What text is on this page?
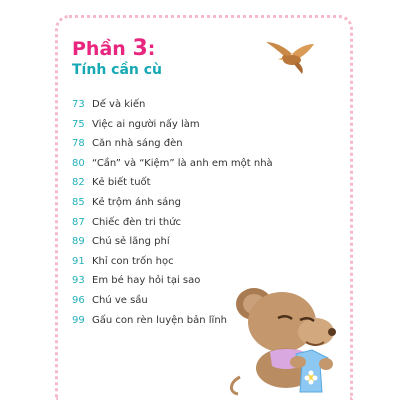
Phần 3:
Tính cần cù
73 Dế và kiến
75 Việc ai người nấy làm
78 Căn nhà sáng đèn
80 “Cần” và “Kiệm” là anh em một nhà
82 Kẻ biết tuốt
85 Kẻ trộm ánh sáng
87 Chiếc đèn tri thức
89 Chú sẻ lãng phí
91 Khỉ con trốn học
93 Em bé hay hỏi tại sao
96 Chú ve sầu
99 Gấu con rèn luyện bản lĩnh
